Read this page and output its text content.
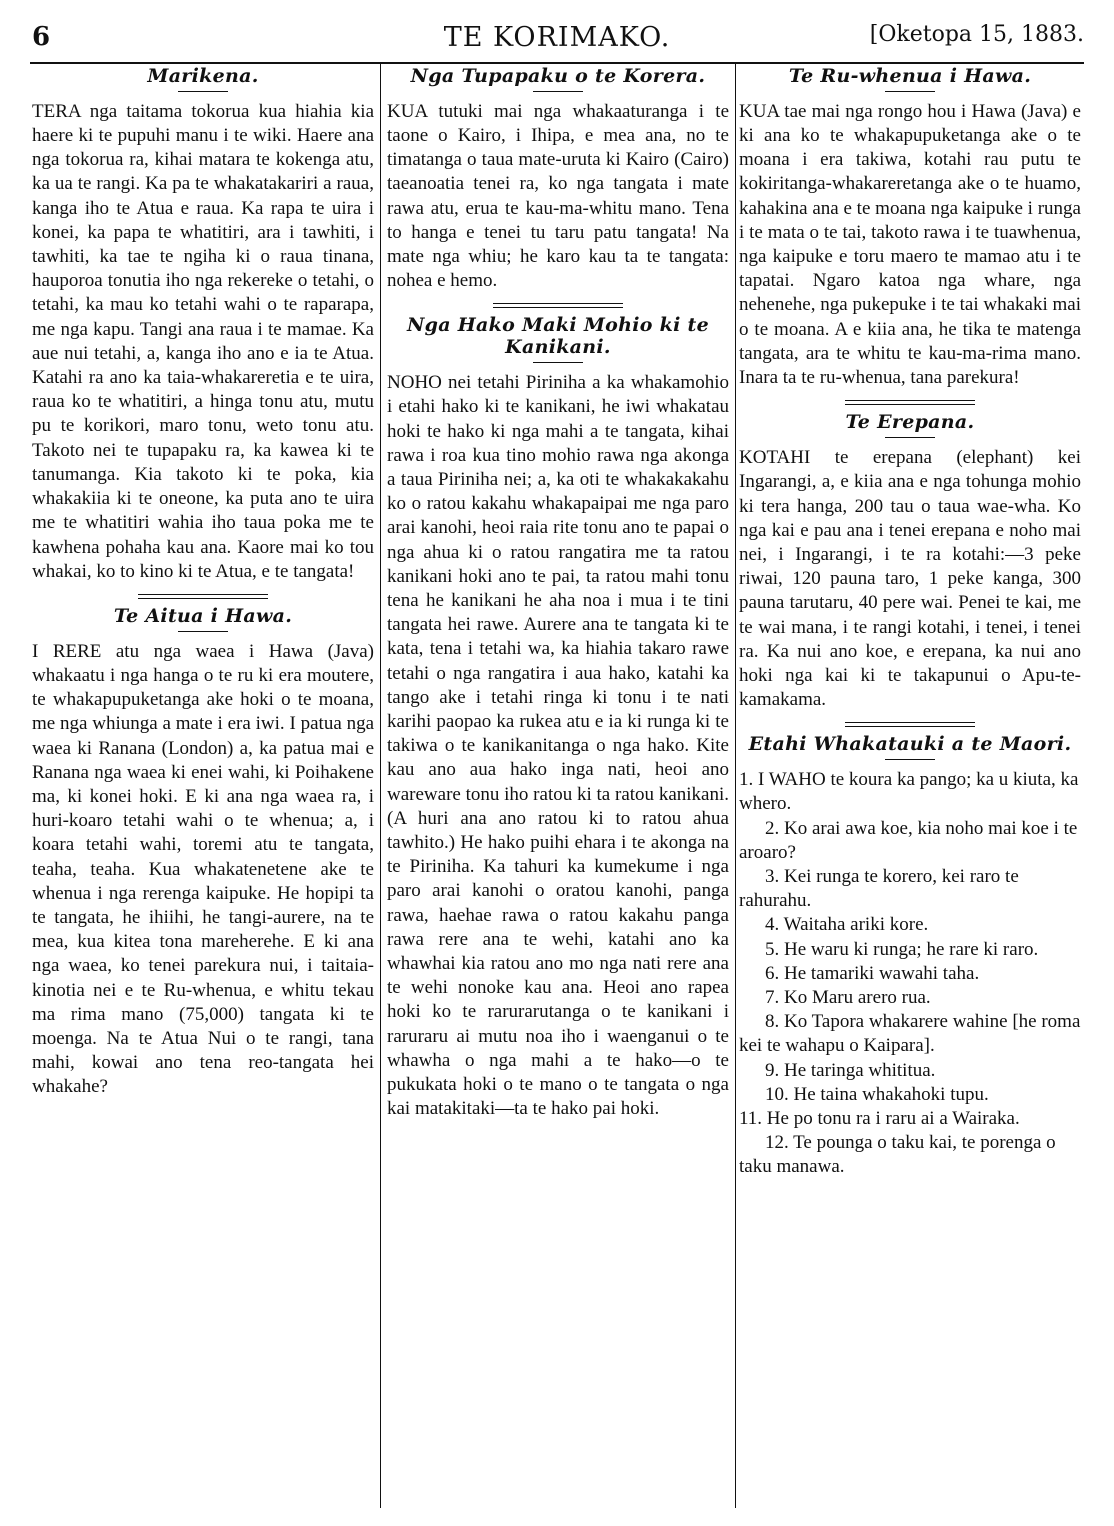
6	TE KORIMAKO.	[Oketopa 15, 1883.
Marikena.

TERA nga taitama tokorua kua hiahia kia haere ki te pupuhi manu i te wiki. Haere ana nga tokorua ra, kihai matara te kokenga atu, ka ua te rangi. Ka pa te whakatakariri a raua, kanga iho te Atua e raua. Ka rapa te uira i konei, ka papa te whatitiri, ara i tawhiti, i tawhiti, ka tae te ngiha ki o raua tinana, hauporoa tonutia iho nga rekereke o tetahi, o tetahi, ka mau ko tetahi wahi o te raparapa, me nga kapu. Tangi ana raua i te mamae. Ka aue nui tetahi, a, kanga iho ano e ia te Atua. Katahi ra ano ka taia-whakareretia e te uira, raua ko te whatitiri, a hinga tonu atu, mutu pu te korikori, maro tonu, weto tonu atu. Takoto nei te tupapaku ra, ka kawea ki te tanumanga. Kia takoto ki te poka, kia whakakiia ki te oneone, ka puta ano te uira me te whatitiri wahia iho taua poka me te kawhena pohaha kau ana. Kaore mai ko tou whakai, ko to kino ki te Atua, e te tangata!

Te Aitua i Hawa.

I RERE atu nga waea i Hawa (Java) whakaatu i nga hanga o te ru ki era moutere, te whakapupuketanga ake hoki o te moana, me nga whiunga a mate i era iwi. I patua nga waea ki Ranana (London) a, ka patua mai e Ranana nga waea ki enei wahi, ki Poihakene ma, ki konei hoki. E ki ana nga waea ra, i huri-koaro tetahi wahi o te whenua; a, i koara tetahi wahi, toremi atu te tangata, teaha, teaha. Kua whakatenetene ake te whenua i nga rerenga kaipuke. He hopipi ta te tangata, he ihiihi, he tangi-aurere, na te mea, kua kitea tona mareherehe. E ki ana nga waea, ko tenei parekura nui, i taitaia-kinotia nei e te Ru-whenua, e whitu tekau ma rima mano (75,000) tangata ki te moenga. Na te Atua Nui o te rangi, tana mahi, kowai ano tena reo-tangata hei whakahe?

Nga Tupapaku o te Korera.

KUA tutuki mai nga whakaaturanga i te taone o Kairo, i Ihipa, e mea ana, no te timatanga o taua mate-uruta ki Kairo (Cairo) taeanoatia tenei ra, ko nga tangata i mate rawa atu, erua te kau-ma-whitu mano. Tena to hanga e tenei tu taru patu tangata! Na mate nga whiu; he karo kau ta te tangata: nohea e hemo.

Nga Hako Maki Mohio ki te Kanikani.

NOHO nei tetahi Piriniha a ka whakamohio i etahi hako ki te kanikani, he iwi whakatau hoki te hako ki nga mahi a te tangata, kihai rawa i roa kua tino mohio rawa nga akonga a taua Piriniha nei; a, ka oti te whakakakahu ko o ratou kakahu whakapaipai me nga paro arai kanohi, heoi raia rite tonu ano te papai o nga ahua ki o ratou rangatira me ta ratou kanikani hoki ano te pai, ta ratou mahi tonu tena he kanikani he aha noa i mua i te tini tangata hei rawe. Aurere ana te tangata ki te kata, tena i tetahi wa, ka hiahia takaro rawe tetahi o nga rangatira i aua hako, katahi ka tango ake i tetahi ringa ki tonu i te nati karihi paopao ka rukea atu e ia ki runga ki te takiwa o te kanikanitanga o nga hako. Kite kau ano aua hako inga nati, heoi ano wareware tonu iho ratou ki ta ratou kanikani. (A huri ana ano ratou ki to ratou ahua tawhito.) He hako puihi ehara i te akonga na te Piriniha. Ka tahuri ka kumekume i nga paro arai kanohi o oratou kanohi, panga rawa, haehae rawa o ratou kakahu panga rawa rere ana te wehi, katahi ano ka whawhai kia ratou ano mo nga nati rere ana te wehi nonoke kau ana. Heoi ano rapea hoki ko te rarurarutanga o te kanikani i raruraru ai mutu noa iho i waenganui o te whawha o nga mahi a te hako—o te pukukata hoki o te mano o te tangata o nga kai matakitaki—ta te hako pai hoki.

Te Ru-whenua i Hawa.

KUA tae mai nga rongo hou i Hawa (Java) e ki ana ko te whakapupuketanga ake o te moana i era takiwa, kotahi rau putu te kokiritanga-whakareretanga ake o te huamo, kahakina ana e te moana nga kaipuke i runga i te mata o te tai, takoto rawa i te tuawhenua, nga kaipuke e toru maero te mamao atu i te tapatai. Ngaro katoa nga whare, nga nehenehe, nga pukepuke i te tai whakaki mai o te moana. A e kiia ana, he tika te matenga tangata, ara te whitu te kau-ma-rima mano. Inara ta te ru-whenua, tana parekura!

Te Erepana.

KOTAHI te erepana (elephant) kei Ingarangi, a, e kiia ana e nga tohunga mohio ki tera hanga, 200 tau o taua wae-wha. Ko nga kai e pau ana i tenei erepana e noho mai nei, i Ingarangi, i te ra kotahi:—3 peke riwai, 120 pauna taro, 1 peke kanga, 300 pauna tarutaru, 40 pere wai. Penei te kai, me te wai mana, i te rangi kotahi, i tenei, i tenei ra. Ka nui ano koe, e erepana, ka nui ano hoki nga kai ki te takapunui o Apu-te-kamakama.

Etahi Whakatauki a te Maori.

1. I WAHO te koura ka pango; ka u kiuta, ka whero.

2. Ko arai awa koe, kia noho mai koe i te aroaro?

3. Kei runga te korero, kei raro te rahurahu.

4. Waitaha ariki kore.

5. He waru ki runga; he rare ki raro.

6. He tamariki wawahi taha.

7. Ko Maru arero rua.

8. Ko Tapora whakarere wahine [he roma kei te wahapu o Kaipara].

9. He taringa whititua.

10. He taina whakahoki tupu.

11. He po tonu ra i raru ai a Wairaka.

12. Te pounga o taku kai, te porenga o taku manawa.
